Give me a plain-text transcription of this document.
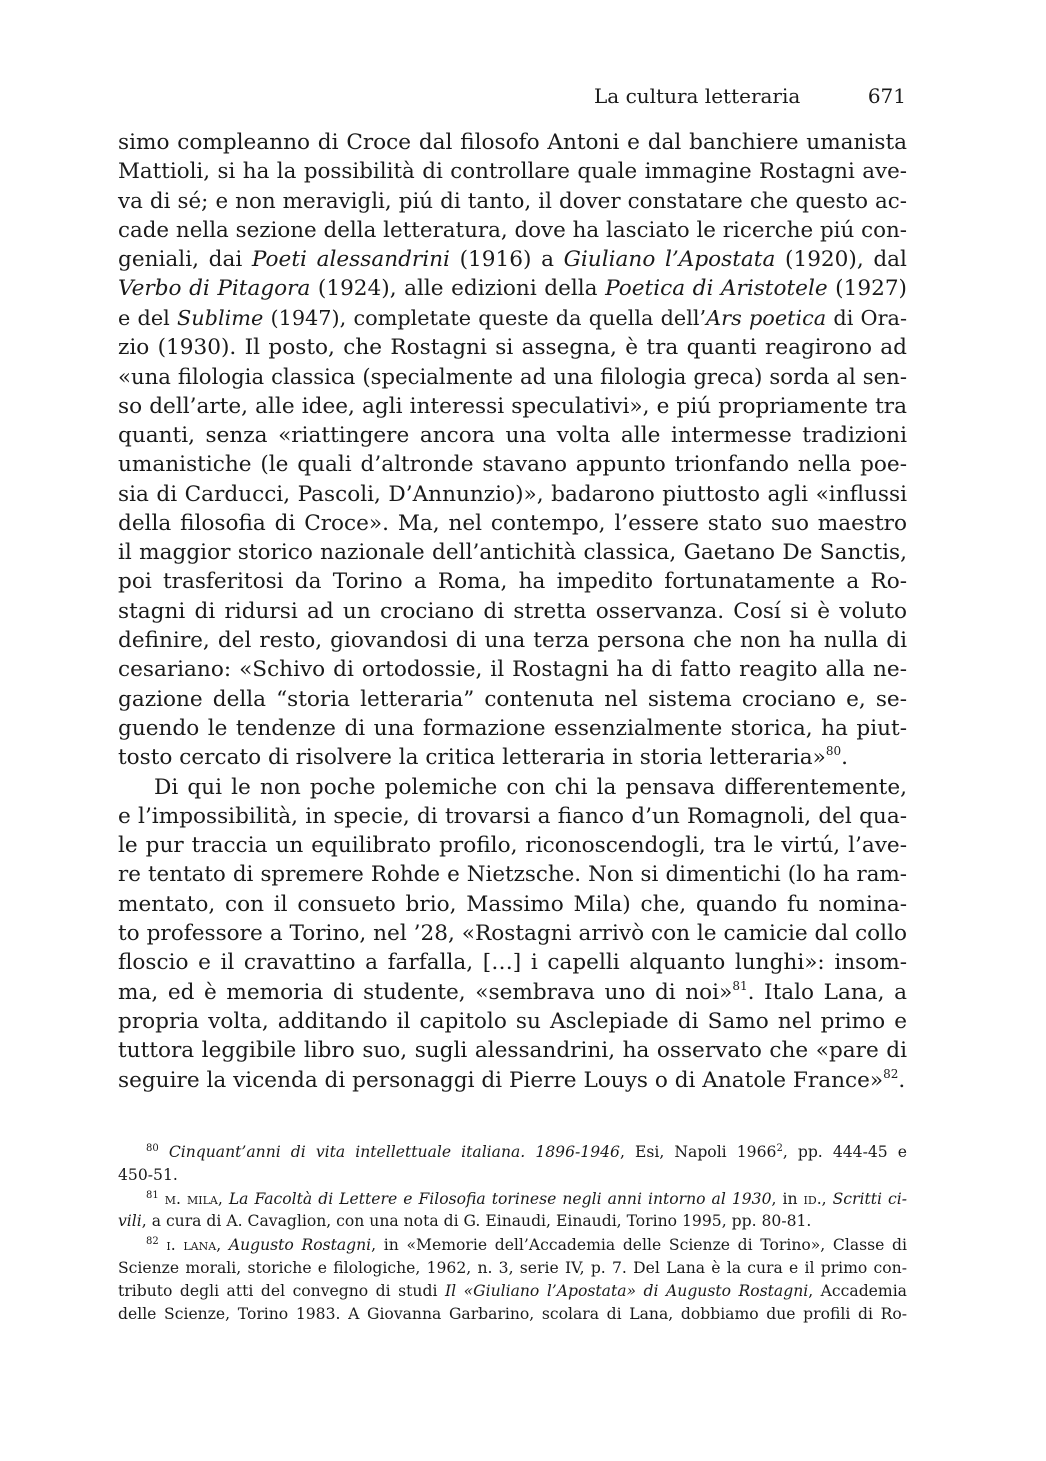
La cultura letteraria	671
simo compleanno di Croce dal filosofo Antoni e dal banchiere umanista
Mattioli, si ha la possibilità di controllare quale immagine Rostagni ave-
va di sé; e non meravigli, piú di tanto, il dover constatare che questo ac-
cade nella sezione della letteratura, dove ha lasciato le ricerche piú con-
geniali, dai Poeti alessandrini (1916) a Giuliano l’Apostata (1920), dal
Verbo di Pitagora (1924), alle edizioni della Poetica di Aristotele (1927)
e del Sublime (1947), completate queste da quella dell’Ars poetica di Ora-
zio (1930). Il posto, che Rostagni si assegna, è tra quanti reagirono ad
«una filologia classica (specialmente ad una filologia greca) sorda al sen-
so dell’arte, alle idee, agli interessi speculativi», e piú propriamente tra
quanti, senza «riattingere ancora una volta alle intermesse tradizioni
umanistiche (le quali d’altronde stavano appunto trionfando nella poe-
sia di Carducci, Pascoli, D’Annunzio)», badarono piuttosto agli «influssi
della filosofia di Croce». Ma, nel contempo, l’essere stato suo maestro
il maggior storico nazionale dell’antichità classica, Gaetano De Sanctis,
poi trasferitosi da Torino a Roma, ha impedito fortunatamente a Ro-
stagni di ridursi ad un crociano di stretta osservanza. Cosí si è voluto
definire, del resto, giovandosi di una terza persona che non ha nulla di
cesariano: «Schivo di ortodossie, il Rostagni ha di fatto reagito alla ne-
gazione della “storia letteraria” contenuta nel sistema crociano e, se-
guendo le tendenze di una formazione essenzialmente storica, ha piut-
tosto cercato di risolvere la critica letteraria in storia letteraria»$^{80}$.
Di qui le non poche polemiche con chi la pensava differentemente,
e l’impossibilità, in specie, di trovarsi a fianco d’un Romagnoli, del qua-
le pur traccia un equilibrato profilo, riconoscendogli, tra le virtú, l’ave-
re tentato di spremere Rohde e Nietzsche. Non si dimentichi (lo ha ram-
mentato, con il consueto brio, Massimo Mila) che, quando fu nomina-
to professore a Torino, nel ’28, «Rostagni arrivò con le camicie dal collo
floscio e il cravattino a farfalla, […] i capelli alquanto lunghi»: insom-
ma, ed è memoria di studente, «sembrava uno di noi»$^{81}$. Italo Lana, a
propria volta, additando il capitolo su Asclepiade di Samo nel primo e
tuttora leggibile libro suo, sugli alessandrini, ha osservato che «pare di
seguire la vicenda di personaggi di Pierre Louys o di Anatole France»$^{82}$.
$^{80}$ Cinquant’anni di vita intellettuale italiana. 1896-1946, Esi, Napoli 1966$^2$, pp. 444-45 e
450-51.
$^{81}$ m. mila, La Facoltà di Lettere e Filosofia torinese negli anni intorno al 1930, in id., Scritti ci-
vili, a cura di A. Cavaglion, con una nota di G. Einaudi, Einaudi, Torino 1995, pp. 80-81.
$^{82}$ i. lana, Augusto Rostagni, in «Memorie dell’Accademia delle Scienze di Torino», Classe di
Scienze morali, storiche e filologiche, 1962, n. 3, serie IV, p. 7. Del Lana è la cura e il primo con-
tributo degli atti del convegno di studi Il «Giuliano l’Apostata» di Augusto Rostagni, Accademia
delle Scienze, Torino 1983. A Giovanna Garbarino, scolara di Lana, dobbiamo due profili di Ro-
